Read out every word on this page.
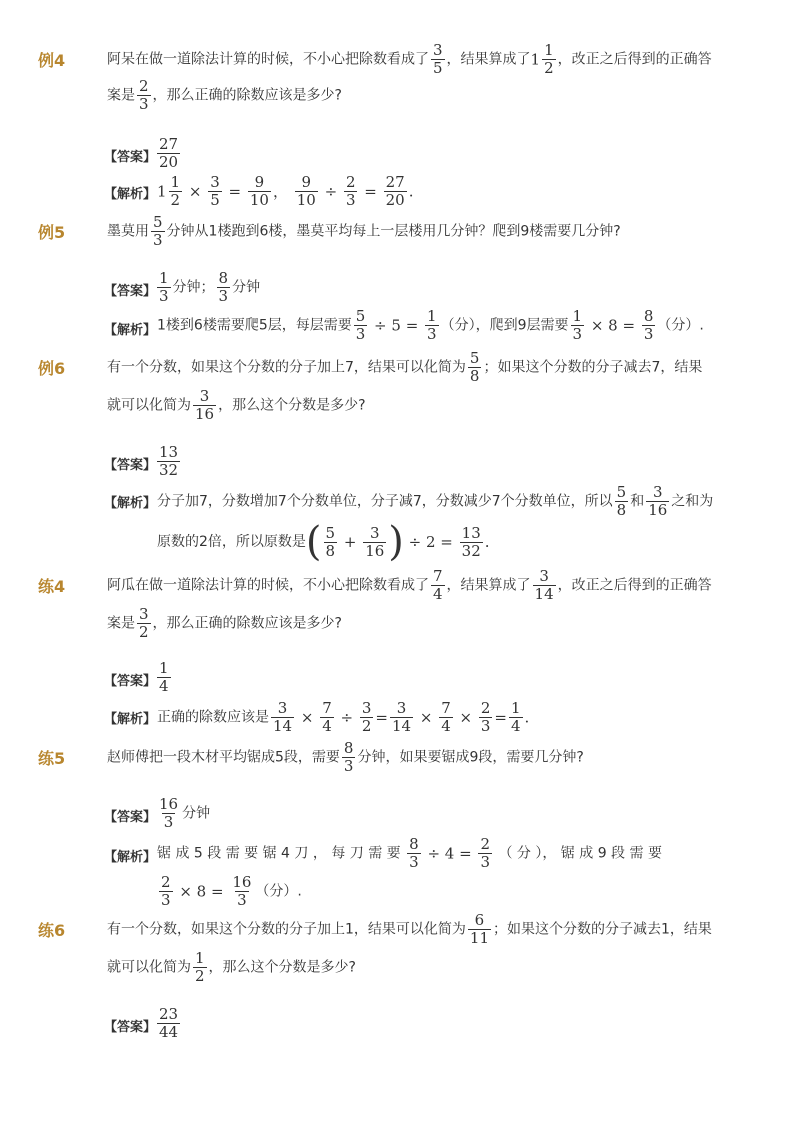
例4	阿呆在做一道除法计算的时候，不小心把除数看成了 $\frac{3}{5}$ ，结果算成了$1 \frac{1}{2}$ ，改正之后得到的正确答
案是 $\frac{2}{3}$ ，那么正确的除数应该是多少?
【答案】 $\frac{27}{20}$
【解析】 $1 \frac{1}{2} \times \frac{3}{5} = \frac{9}{10}$ ， $\frac{9}{10} \div \frac{2}{3} = \frac{27}{20}$ .
例5	墨莫用 $\frac{5}{3}$ 分钟从1楼跑到6楼，墨莫平均每上一层楼用几分钟？爬到9楼需要几分钟?
【答案】 $\frac{1}{3}$ 分钟； $\frac{8}{3}$ 分钟
【解析】 1楼到6楼需要爬5层，每层需要 $\frac{5}{3} \div 5 = \frac{1}{3}$ （分），爬到9层需要 $\frac{1}{3} \times 8 = \frac{8}{3}$ （分）.
例6	有一个分数，如果这个分数的分子加上7，结果可以化简为 $\frac{5}{8}$ ；如果这个分数的分子减去7，结果
就可以化简为 $\frac{3}{16}$ ，那么这个分数是多少?
【答案】 $\frac{13}{32}$
【解析】 分子加7，分数增加7个分数单位，分子减7，分数减少7个分数单位，所以 $\frac{5}{8}$ 和 $\frac{3}{16}$ 之和为
原数的2倍，所以原数是( $\frac{5}{8} + \frac{3}{16}$ ) ÷ $2 = \frac{13}{32}$ .
练4	阿瓜在做一道除法计算的时候，不小心把除数看成了 $\frac{7}{4}$ ，结果算成了 $\frac{3}{14}$ ，改正之后得到的正确答
案是 $\frac{3}{2}$ ，那么正确的除数应该是多少?
【答案】 $\frac{1}{4}$
【解析】 正确的除数应该是 $\frac{3}{14} \times \frac{7}{4} \div \frac{3}{2} = \frac{3}{14} \times \frac{7}{4} \times \frac{2}{3} = \frac{1}{4}$ .
练5	赵师傅把一段木材平均锯成5段，需要 $\frac{8}{3}$ 分钟，如果要锯成9段，需要几分钟?
【答案】 $\frac{16}{3}$ 分钟
【解析】 锯 成 5 段 需 要 锯 4 刀 ， 每 刀 需 要 $\frac{8}{3} \div 4 = \frac{2}{3}$ （ 分 ）， 锯 成 9 段 需 要
$\frac{2}{3} \times 8 = \frac{16}{3}$ （分）.
练6	有一个分数，如果这个分数的分子加上1，结果可以化简为 $\frac{6}{11}$ ；如果这个分数的分子减去1，结果
就可以化简为 $\frac{1}{2}$ ，那么这个分数是多少?
【答案】 $\frac{23}{44}$
